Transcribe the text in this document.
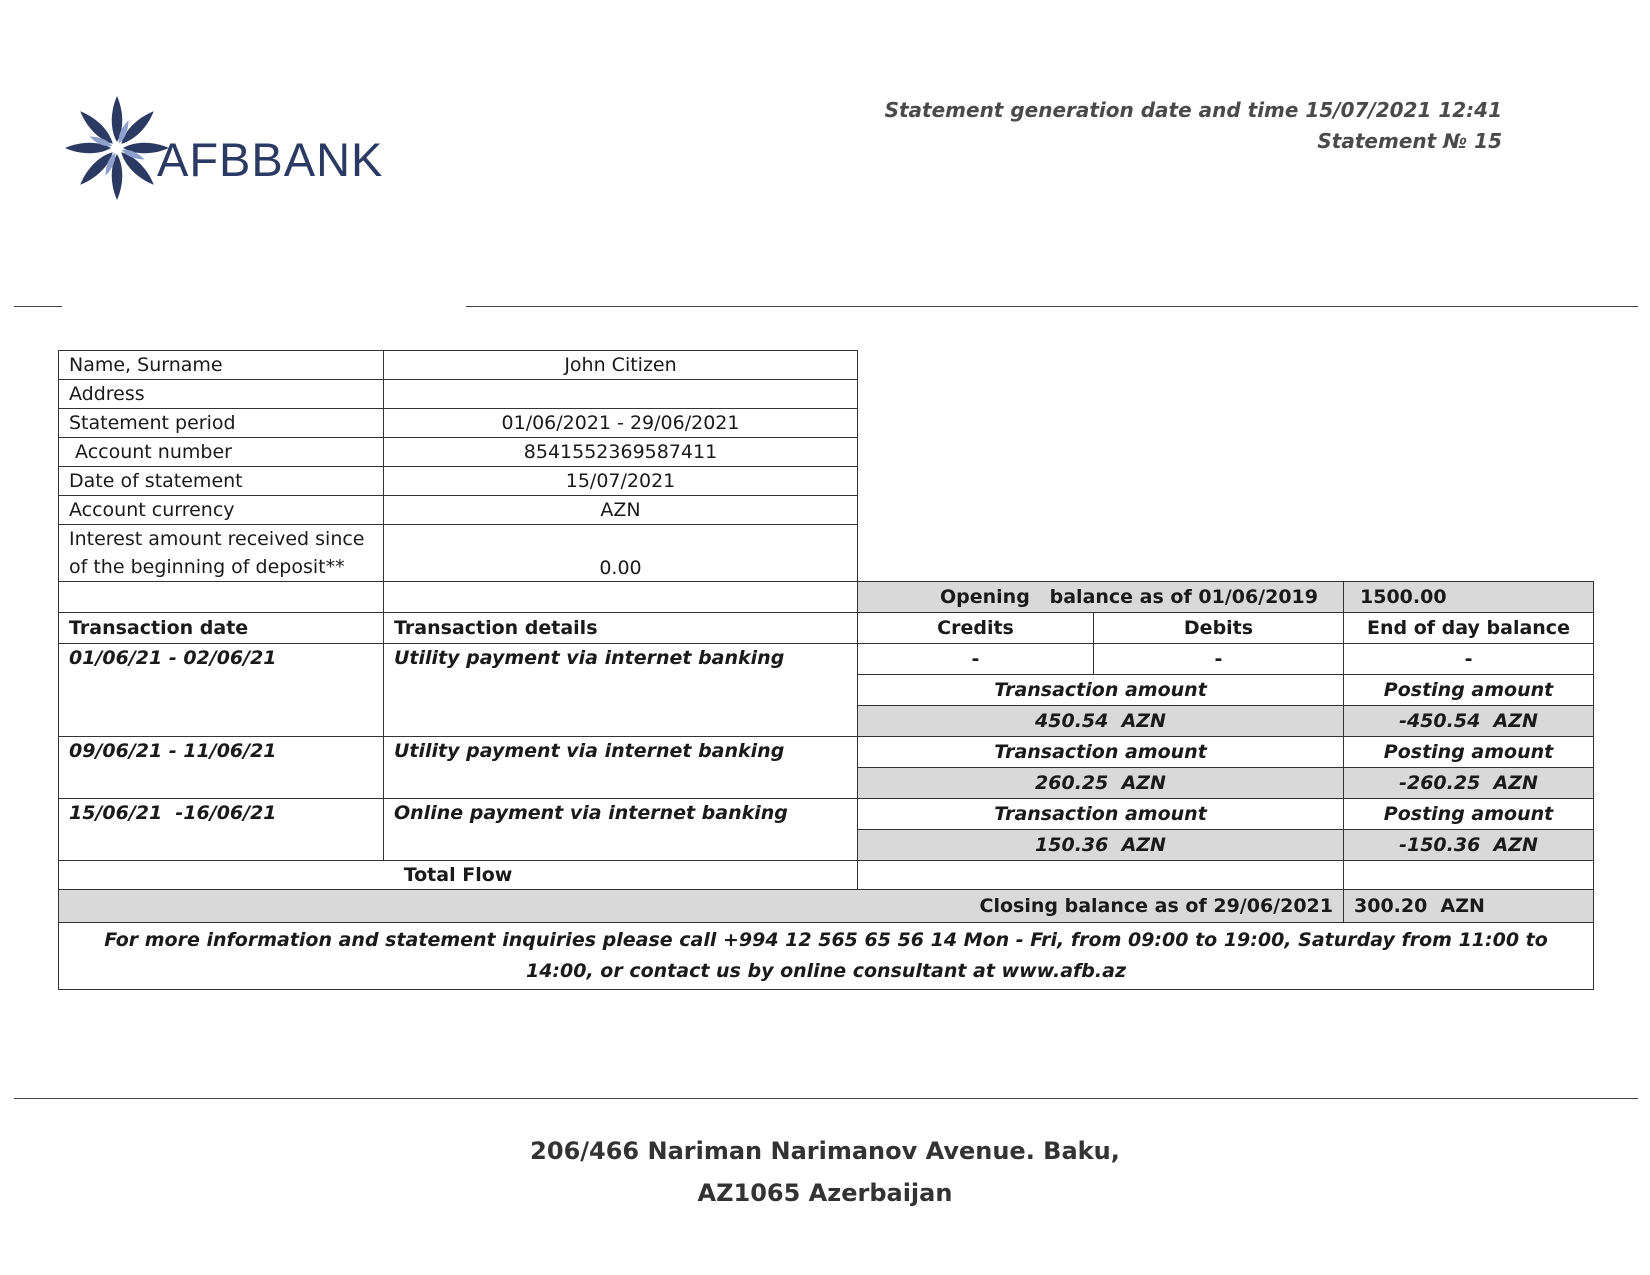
AFBBANK
Statement generation date and time 15/07/2021 12:41
Statement № 15
Name, Surname	John Citizen			
Address				
Statement period	01/06/2021 - 29/06/2021			
Account number	8541552369587411			
Date of statement	15/07/2021			
Account currency	AZN			
Interest amount received since of the beginning of deposit**	0.00			
		Opening   balance as of 01/06/2019		1500.00
Transaction date	Transaction details	Credits	Debits	End of day balance
01/06/21 - 02/06/21	Utility payment via internet banking	-	-	-
		Transaction amount		Posting amount
		450.54  AZN		-450.54  AZN
09/06/21 - 11/06/21	Utility payment via internet banking	Transaction amount		Posting amount
		260.25  AZN		-260.25  AZN
15/06/21  -16/06/21	Online payment via internet banking	Transaction amount		Posting amount
		150.36  AZN		-150.36  AZN
Total Flow				
Closing balance as of 29/06/2021				300.20  AZN
For more information and statement inquiries please call +994 12 565 65 56 14 Mon - Fri, from 09:00 to 19:00, Saturday from 11:00 to 14:00, or contact us by online consultant at www.afb.az				
206/466 Nariman Narimanov Avenue. Baku,
AZ1065 Azerbaijan
